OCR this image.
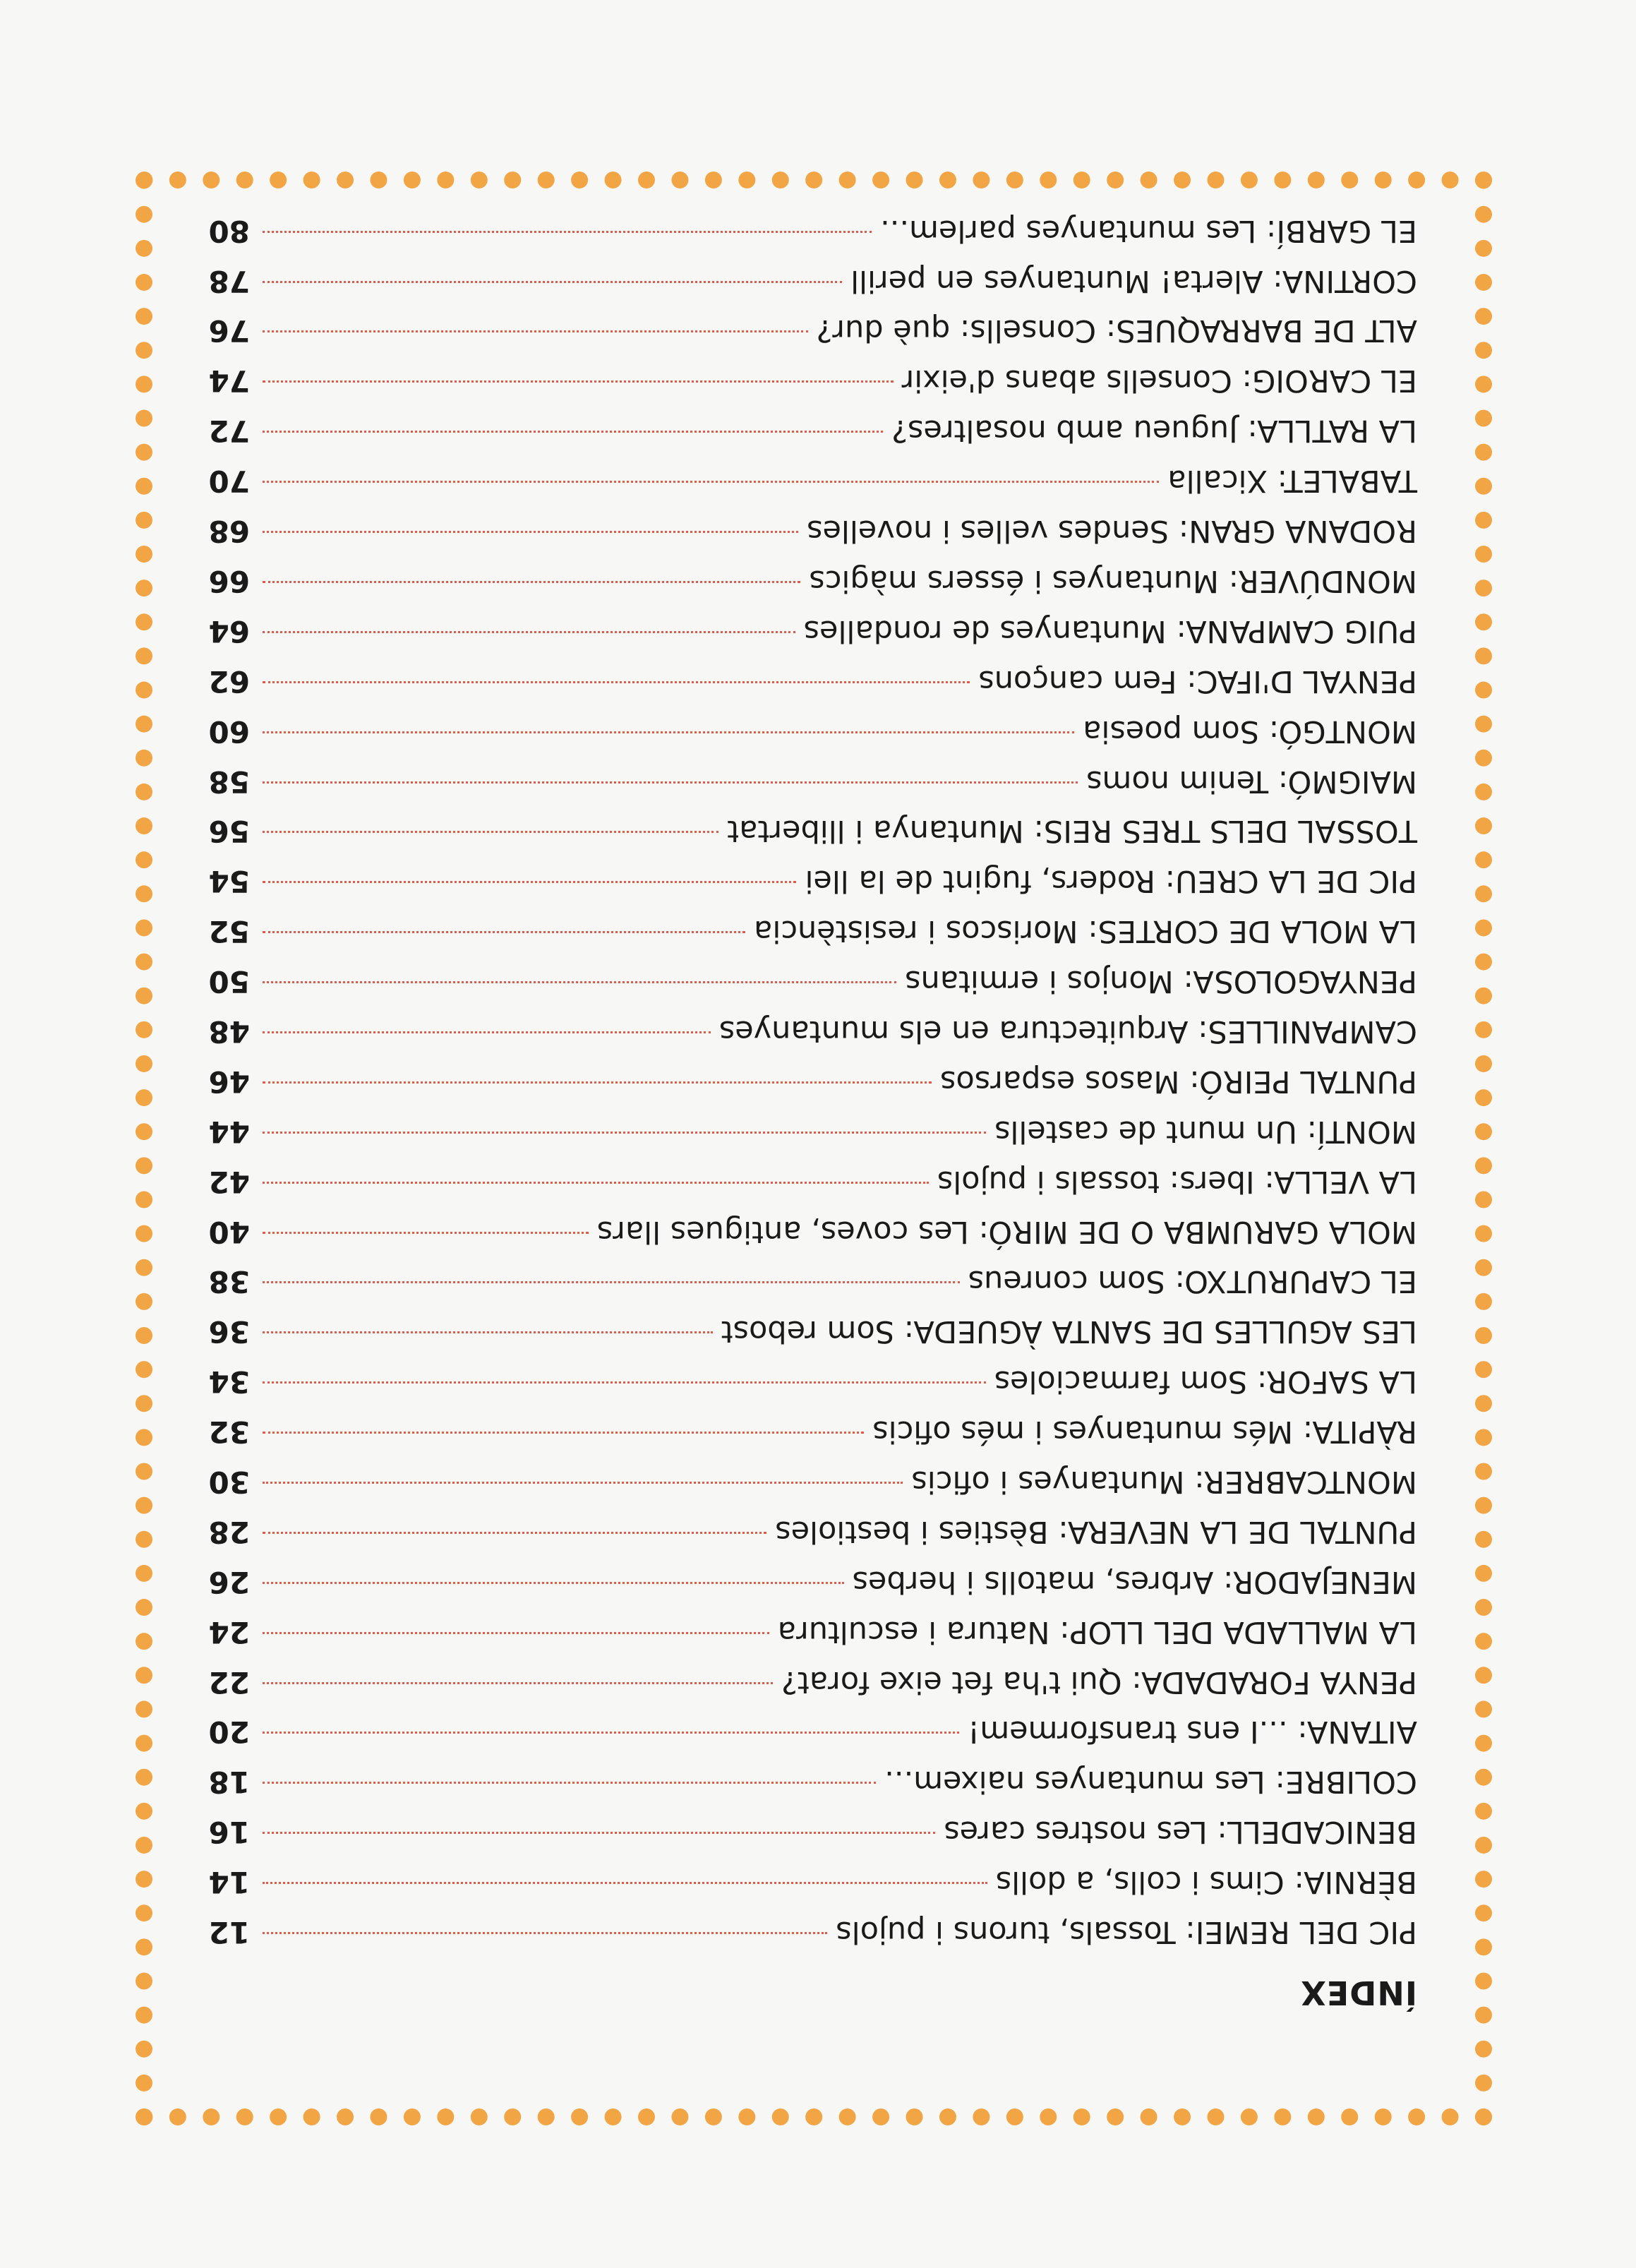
ÍNDEX
PIC DEL REMEI: Tossals, turons i pujols
12
BÈRNIA: Cims i colls, a dolls
14
BENICADELL: Les nostres cares
16
COLIBRE: Les muntanyes naixem...
18
AITANA: ...I ens transformem!
20
PENYA FORADADA: Qui t'ha fet eixe forat?
22
LA MALLADA DEL LLOP: Natura i escultura
24
MENEJADOR: Arbres, matolls i herbes
26
PUNTAL DE LA NEVERA: Bèsties i bestioles
28
MONTCABRER: Muntanyes i oficis
30
RÀPITA: Més muntanyes i més oficis
32
LA SAFOR: Som farmacioles
34
LES AGULLES DE SANTA ÀGUEDA: Som rebost
36
EL CAPURUTXO: Som conreus
38
MOLA GARUMBA O DE MIRÓ: Les coves, antigues llars
40
LA VELLA: Ibers: tossals i pujols
42
MONTÍ: Un munt de castells
44
PUNTAL PEIRÓ: Masos esparsos
46
CAMPANILLES: Arquitectura en els muntanyes
48
PENYAGOLOSA: Monjos i ermitans
50
LA MOLA DE CORTES: Moriscos i resistència
52
PIC DE LA CREU: Roders, fugint de la llei
54
TOSSAL DELS TRES REIS: Muntanya i llibertat
56
MAIGMÓ: Tenim noms
58
MONTGÓ: Som poesia
60
PENYAL D'IFAC: Fem cançons
62
PUIG CAMPANA: Muntanyes de rondalles
64
MONDÚVER: Muntanyes i éssers màgics
66
RODANA GRAN: Sendes velles i novelles
68
TABALET: Xicalla
70
LA RATLLA: Jugueu amb nosaltres?
72
EL CAROIG: Consells abans d'eixir
74
ALT DE BARRAQUES: Consells: què dur?
76
CORTINA: Alerta! Muntanyes en perill
78
EL GARBÍ: Les muntanyes parlem...
80
